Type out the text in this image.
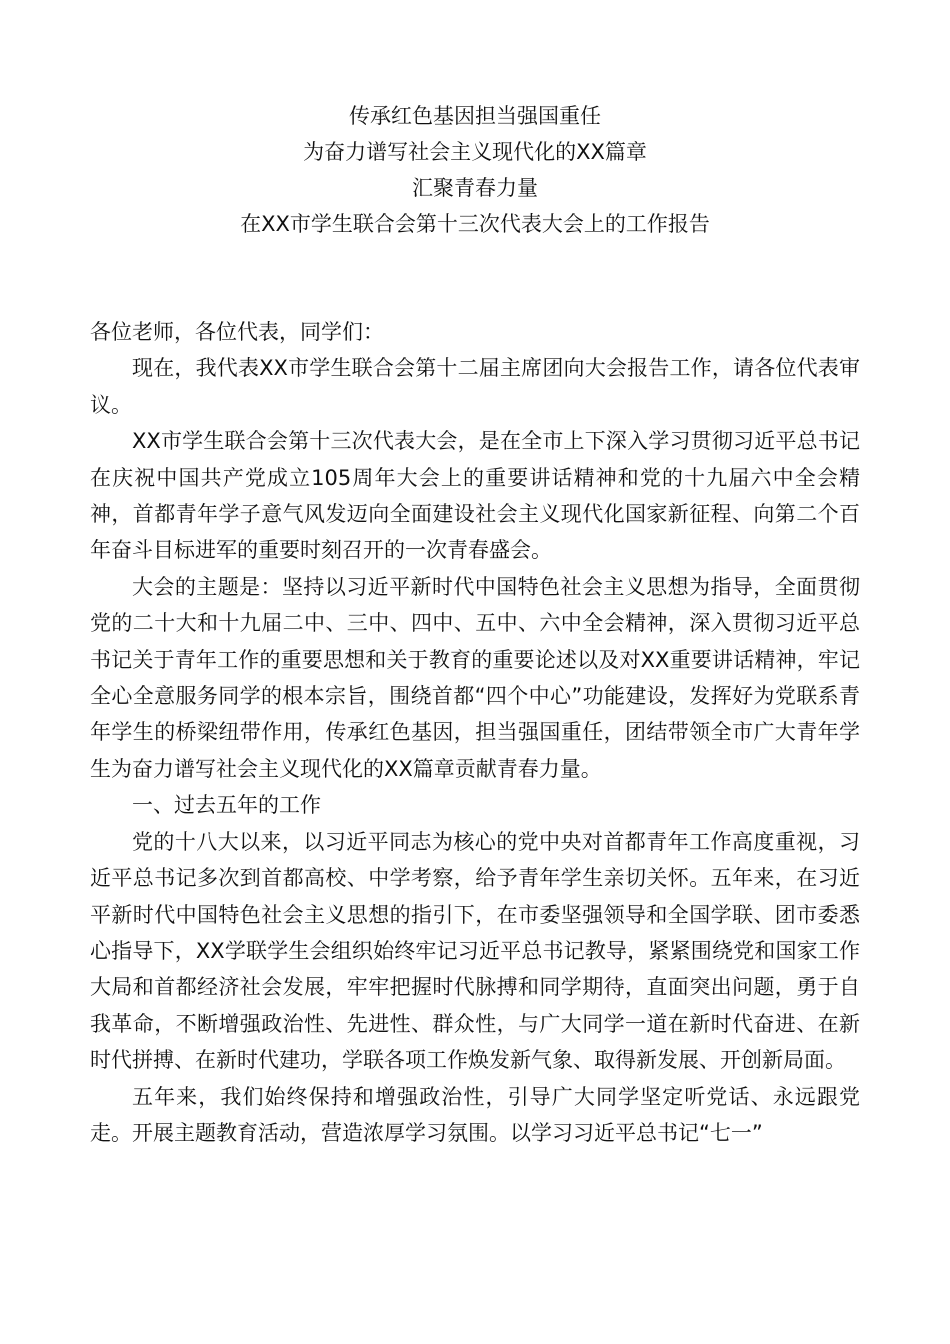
传承红色基因担当强国重任
为奋力谱写社会主义现代化的XX篇章
汇聚青春力量
在XX市学生联合会第十三次代表大会上的工作报告

各位老师，各位代表，同学们：

现在，我代表XX市学生联合会第十二届主席团向大会报告工作，请各位代表审议。

XX市学生联合会第十三次代表大会，是在全市上下深入学习贯彻习近平总书记在庆祝中国共产党成立105周年大会上的重要讲话精神和党的十九届六中全会精神，首都青年学子意气风发迈向全面建设社会主义现代化国家新征程、向第二个百年奋斗目标进军的重要时刻召开的一次青春盛会。

大会的主题是：坚持以习近平新时代中国特色社会主义思想为指导，全面贯彻党的二十大和十九届二中、三中、四中、五中、六中全会精神，深入贯彻习近平总书记关于青年工作的重要思想和关于教育的重要论述以及对XX重要讲话精神，牢记全心全意服务同学的根本宗旨，围绕首都“四个中心”功能建设，发挥好为党联系青年学生的桥梁纽带作用，传承红色基因，担当强国重任，团结带领全市广大青年学生为奋力谱写社会主义现代化的XX篇章贡献青春力量。

一、过去五年的工作

党的十八大以来，以习近平同志为核心的党中央对首都青年工作高度重视，习近平总书记多次到首都高校、中学考察，给予青年学生亲切关怀。五年来，在习近平新时代中国特色社会主义思想的指引下，在市委坚强领导和全国学联、团市委悉心指导下，XX学联学生会组织始终牢记习近平总书记教导，紧紧围绕党和国家工作大局和首都经济社会发展，牢牢把握时代脉搏和同学期待，直面突出问题，勇于自我革命，不断增强政治性、先进性、群众性，与广大同学一道在新时代奋进、在新时代拼搏、在新时代建功，学联各项工作焕发新气象、取得新发展、开创新局面。

五年来，我们始终保持和增强政治性，引导广大同学坚定听党话、永远跟党走。开展主题教育活动，营造浓厚学习氛围。以学习习近平总书记“七一”
